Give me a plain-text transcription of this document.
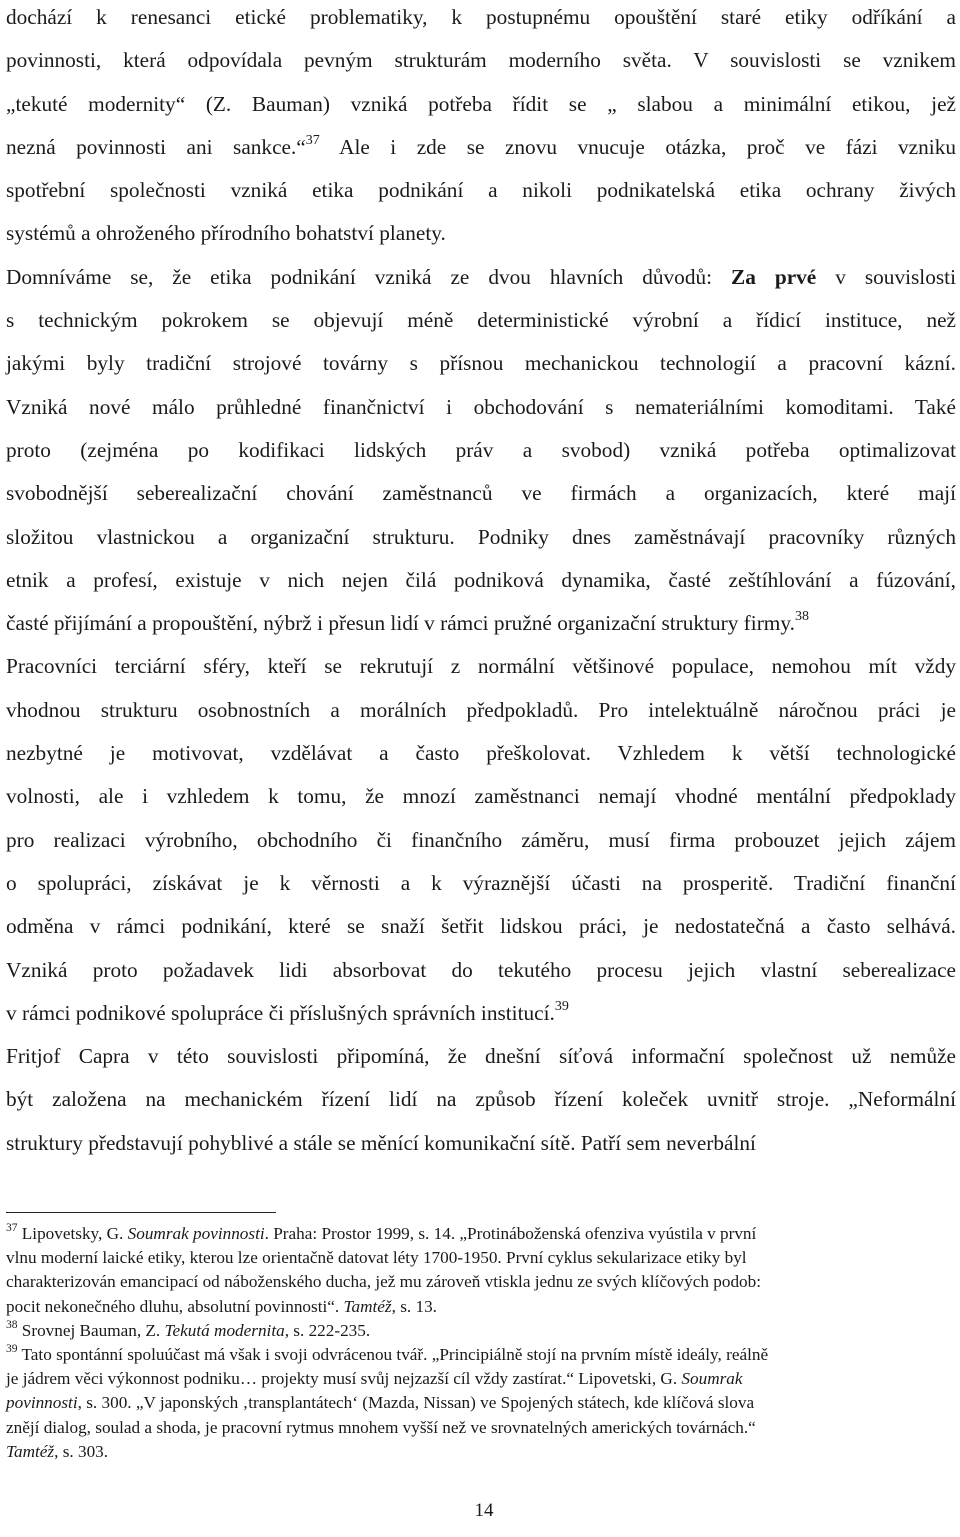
dochází k renesanci etické problematiky, k postupnému opouštění staré etiky odříkání a
povinnosti, která odpovídala pevným strukturám moderního světa. V souvislosti se vznikem
„tekuté modernity“ (Z. Bauman) vzniká potřeba řídit se „ slabou a minimální etikou, jež
nezná povinnosti ani sankce.“$^{37}$ Ale i zde se znovu vnucuje otázka, proč ve fázi vzniku
spotřební společnosti vzniká etika podnikání a nikoli podnikatelská etika ochrany živých
systémů a ohroženého přírodního bohatství planety.
Domníváme se, že etika podnikání vzniká ze dvou hlavních důvodů: Za prvé v souvislosti
s technickým pokrokem se objevují méně deterministické výrobní a řídicí instituce, než
jakými byly tradiční strojové továrny s přísnou mechanickou technologií a pracovní kázní.
Vzniká nové málo průhledné finančnictví i obchodování s nemateriálními komoditami. Také
proto (zejména po kodifikaci lidských práv a svobod) vzniká potřeba optimalizovat
svobodnější seberealizační chování zaměstnanců ve firmách a organizacích, které mají
složitou vlastnickou a organizační strukturu. Podniky dnes zaměstnávají pracovníky různých
etnik a profesí, existuje v nich nejen čilá podniková dynamika, časté zeštíhlování a fúzování,
časté přijímání a propouštění, nýbrž i přesun lidí v rámci pružné organizační struktury firmy.$^{38}$
Pracovníci terciární sféry, kteří se rekrutují z normální většinové populace, nemohou mít vždy
vhodnou strukturu osobnostních a morálních předpokladů. Pro intelektuálně náročnou práci je
nezbytné je motivovat, vzdělávat a často přeškolovat. Vzhledem k větší technologické
volnosti, ale i vzhledem k tomu, že mnozí zaměstnanci nemají vhodné mentální předpoklady
pro realizaci výrobního, obchodního či finančního záměru, musí firma probouzet jejich zájem
o spolupráci, získávat je k věrnosti a k výraznější účasti na prosperitě. Tradiční finanční
odměna v rámci podnikání, které se snaží šetřit lidskou práci, je nedostatečná a často selhává.
Vzniká proto požadavek lidi absorbovat do tekutého procesu jejich vlastní seberealizace
v rámci podnikové spolupráce či příslušných správních institucí.$^{39}$
Fritjof Capra v této souvislosti připomíná, že dnešní síťová informační společnost už nemůže
být založena na mechanickém řízení lidí na způsob řízení koleček uvnitř stroje. „Neformální
struktury představují pohyblivé a stále se měnící komunikační sítě. Patří sem neverbální
$^{37}$ Lipovetsky, G. Soumrak povinnosti. Praha: Prostor 1999, s. 14. „Protináboženská ofenziva vyústila v první
vlnu moderní laické etiky, kterou lze orientačně datovat léty 1700-1950. První cyklus sekularizace etiky byl
charakterizován emancipací od náboženského ducha, jež mu zároveň vtiskla jednu ze svých klíčových podob:
pocit nekonečného dluhu, absolutní povinnosti“. Tamtéž, s. 13.
$^{38}$ Srovnej Bauman, Z. Tekutá modernita, s. 222-235.
$^{39}$ Tato spontánní spoluúčast má však i svoji odvrácenou tvář. „Principiálně stojí na prvním místě ideály, reálně
je jádrem věci výkonnost podniku… projekty musí svůj nejzazší cíl vždy zastírat.“ Lipovetski, G. Soumrak
povinnosti, s. 300. „V japonských ‚transplantátech‘ (Mazda, Nissan) ve Spojených státech, kde klíčová slova
znějí dialog, soulad a shoda, je pracovní rytmus mnohem vyšší než ve srovnatelných amerických továrnách.“
Tamtéž, s. 303.
14
